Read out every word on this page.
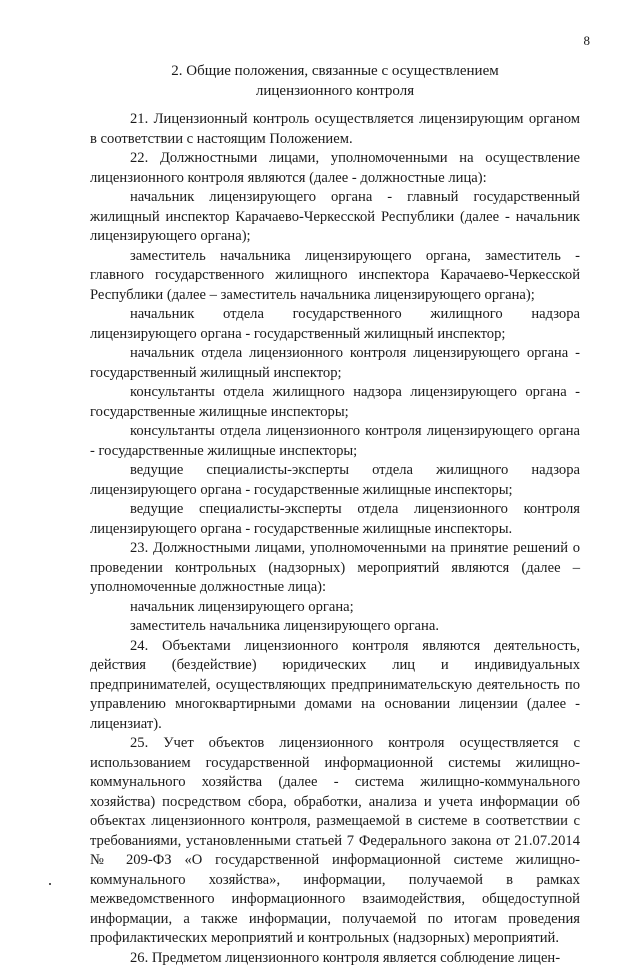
8
2. Общие положения, связанные с осуществлением
лицензионного контроля

21. Лицензионный контроль осуществляется лицензирующим органом в соответствии с настоящим Положением.

22. Должностными лицами, уполномоченными на осуществление лицензионного контроля являются (далее - должностные лица):

начальник лицензирующего органа - главный государственный жилищный инспектор Карачаево-Черкесской Республики (далее - начальник лицензирующего органа);

заместитель начальника лицензирующего органа, заместитель - главного государственного жилищного инспектора Карачаево-Черкесской Республики (далее – заместитель начальника лицензирующего органа);

начальник отдела государственного жилищного надзора лицензирующего органа - государственный жилищный инспектор;

начальник отдела лицензионного контроля лицензирующего органа - государственный жилищный инспектор;

консультанты отдела жилищного надзора лицензирующего органа - государственные жилищные инспекторы;

консультанты отдела лицензионного контроля лицензирующего органа - государственные жилищные инспекторы;

ведущие специалисты-эксперты отдела жилищного надзора лицензирующего органа - государственные жилищные инспекторы;

ведущие специалисты-эксперты отдела лицензионного контроля лицензирующего органа - государственные жилищные инспекторы.

23. Должностными лицами, уполномоченными на принятие решений о проведении контрольных (надзорных) мероприятий являются (далее – уполномоченные должностные лица):

начальник лицензирующего органа;

заместитель начальника лицензирующего органа.

24. Объектами лицензионного контроля являются деятельность, действия (бездействие) юридических лиц и индивидуальных предпринимателей, осуществляющих предпринимательскую деятельность по управлению многоквартирными домами на основании лицензии (далее - лицензиат).

25. Учет объектов лицензионного контроля осуществляется с использованием государственной информационной системы жилищно-коммунального хозяйства (далее - система жилищно-коммунального хозяйства) посредством сбора, обработки, анализа и учета информации об объектах лицензионного контроля, размещаемой в системе в соответствии с требованиями, установленными статьей 7 Федерального закона от 21.07.2014 № 209-ФЗ «О государственной информационной системе жилищно-коммунального хозяйства», информации, получаемой в рамках межведомственного информационного взаимодействия, общедоступной информации, а также информации, получаемой по итогам проведения профилактических мероприятий и контрольных (надзорных) мероприятий.

26. Предметом лицензионного контроля является соблюдение лицен-
